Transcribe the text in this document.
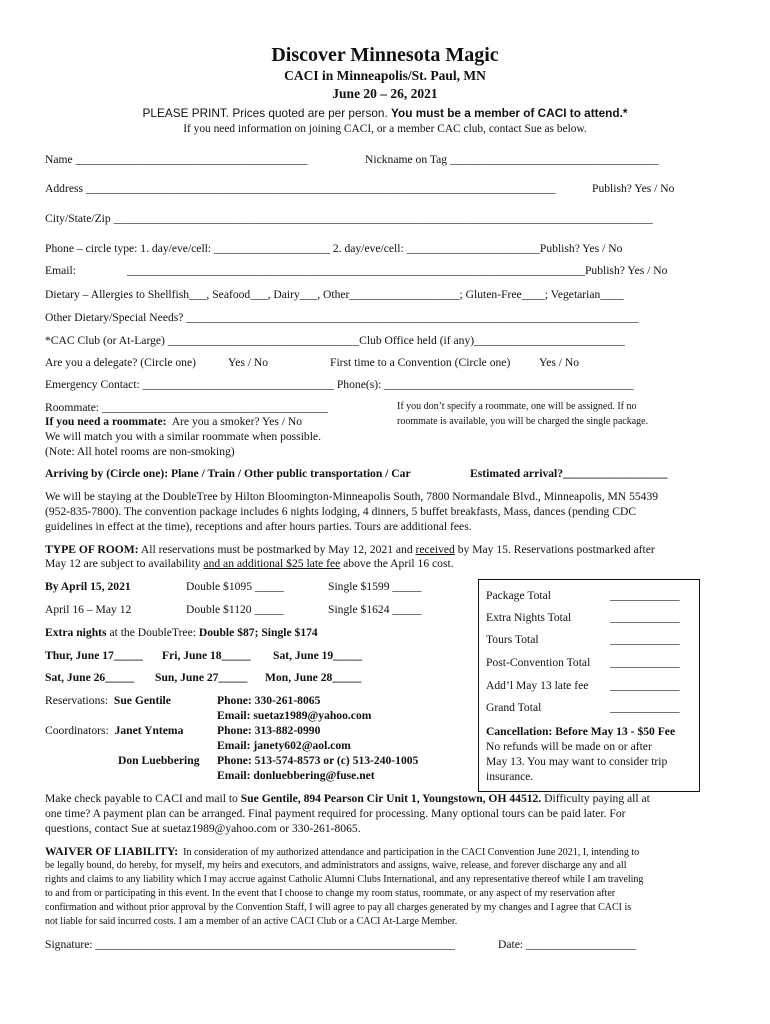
Discover Minnesota Magic
CACI in Minneapolis/St. Paul, MN
June 20 – 26, 2021
PLEASE PRINT. Prices quoted are per person. You must be a member of CACI to attend.*
If you need information on joining CACI, or a member CAC club, contact Sue as below.
Name ________________________________________	Nickname on Tag ____________________________________
Address _________________________________________________________________________________	Publish? Yes / No
City/State/Zip _____________________________________________________________________________________________
Phone – circle type: 1. day/eve/cell: ____________________ 2. day/eve/cell: _______________________Publish? Yes / No
Email:	_______________________________________________________________________________Publish? Yes / No
Dietary – Allergies to Shellfish___, Seafood___, Dairy___, Other___________________; Gluten-Free____; Vegetarian____
Other Dietary/Special Needs? ______________________________________________________________________________
*CAC Club (or At-Large) _________________________________Club Office held (if any)__________________________
Are you a delegate? (Circle one)	Yes / No	First time to a Convention (Circle one) Yes / No
Emergency Contact: _________________________________ Phone(s): ___________________________________________
Roommate: _______________________________________
If you need a roommate: Are you a smoker? Yes / No
We will match you with a similar roommate when possible.
(Note: All hotel rooms are non-smoking)
If you don’t specify a roommate, one will be assigned. If no
roommate is available, you will be charged the single package.
Arriving by (Circle one): Plane / Train / Other public transportation / Car	Estimated arrival?__________________
We will be staying at the DoubleTree by Hilton Bloomington-Minneapolis South, 7800 Normandale Blvd., Minneapolis, MN 55439
(952-835-7800). The convention package includes 6 nights lodging, 4 dinners, 5 buffet breakfasts, Mass, dances (pending CDC
guidelines in effect at the time), receptions and after hours parties. Tours are additional fees.
TYPE OF ROOM: All reservations must be postmarked by May 12, 2021 and received by May 15. Reservations postmarked after
May 12 are subject to availability and an additional $25 late fee above the April 16 cost.
By April 15, 2021	Double $1095 _____	Single $1599 _____
April 16 – May 12	Double $1120 _____	Single $1624 _____
Extra nights at the DoubleTree: Double $87; Single $174
Thur, June 17_____ Fri, June 18_____ Sat, June 19_____
Sat, June 26_____ Sun, June 27_____ Mon, June 28_____
Reservations: Sue Gentile	Phone: 330-261-8065
Email: suetaz1989@yahoo.com
Coordinators: Janet Yntema	Phone: 313-882-0990
Email: janety602@aol.com
Don Luebbering Phone: 513-574-8573 or (c) 513-240-1005
Email: donluebbering@fuse.net
Package Total	____________
Extra Nights Total	____________
Tours Total	____________
Post-Convention Total ____________
Add’l May 13 late fee ____________
Grand Total	____________
Cancellation: Before May 13 - $50 Fee
No refunds will be made on or after
May 13. You may want to consider trip
insurance.
Make check payable to CACI and mail to Sue Gentile, 894 Pearson Cir Unit 1, Youngstown, OH 44512. Difficulty paying all at
one time? A payment plan can be arranged. Final payment required for processing. Many optional tours can be paid later. For
questions, contact Sue at suetaz1989@yahoo.com or 330-261-8065.
WAIVER OF LIABILITY: In consideration of my authorized attendance and participation in the CACI Convention June 2021, I, intending to
be legally bound, do hereby, for myself, my heirs and executors, and administrators and assigns, waive, release, and forever discharge any and all
rights and claims to any liability which I may accrue against Catholic Alumni Clubs International, and any representative thereof while I am traveling
to and from or participating in this event. In the event that I choose to change my room status, roommate, or any aspect of my reservation after
confirmation and without prior approval by the Convention Staff, I will agree to pay all charges generated by my changes and I agree that CACI is
not liable for said incurred costs. I am a member of an active CACI Club or a CACI At-Large Member.
Signature: ______________________________________________________________	Date: ___________________
